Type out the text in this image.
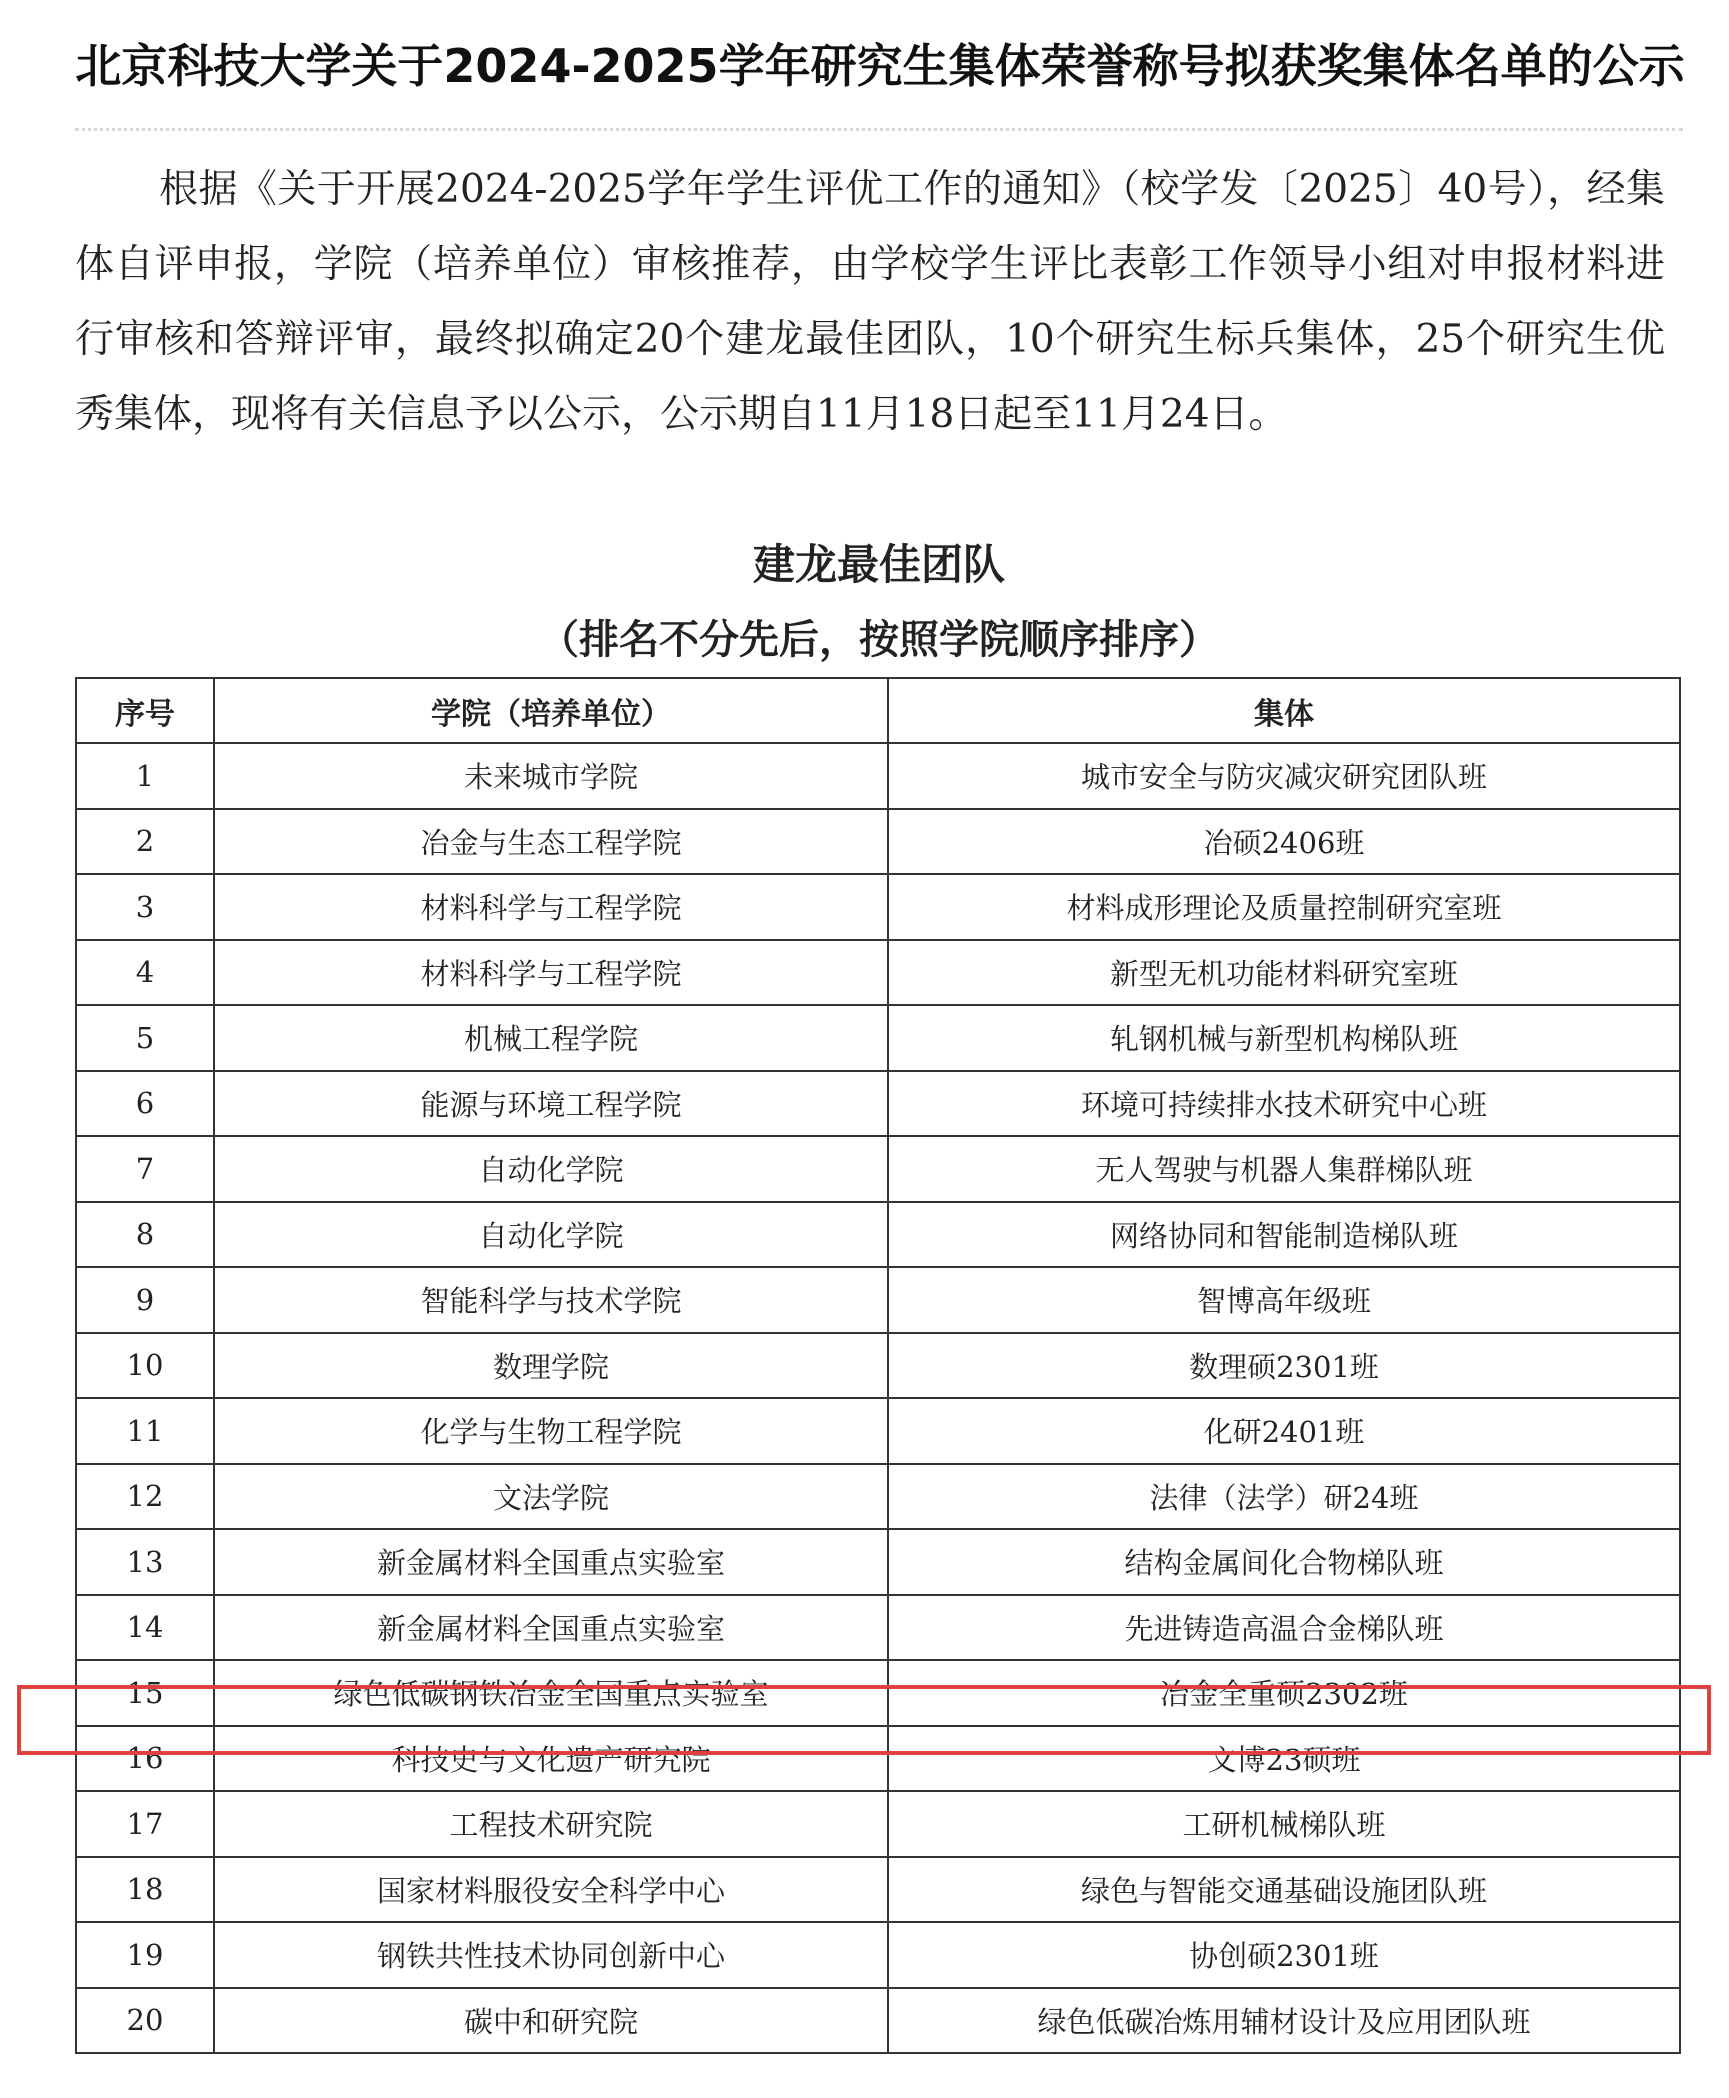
北京科技大学关于2024-2025学年研究生集体荣誉称号拟获奖集体名单的公示

根据《关于开展2024-2025学年学生评优工作的通知》（校学发〔2025〕40号），经集体自评申报，学院（培养单位）审核推荐，由学校学生评比表彰工作领导小组对申报材料进行审核和答辩评审，最终拟确定20个建龙最佳团队，10个研究生标兵集体，25个研究生优秀集体，现将有关信息予以公示，公示期自11月18日起至11月24日。

建龙最佳团队
（排名不分先后，按照学院顺序排序）
序号	学院（培养单位）	集体
1	未来城市学院	城市安全与防灾减灾研究团队班
2	冶金与生态工程学院	冶硕2406班
3	材料科学与工程学院	材料成形理论及质量控制研究室班
4	材料科学与工程学院	新型无机功能材料研究室班
5	机械工程学院	轧钢机械与新型机构梯队班
6	能源与环境工程学院	环境可持续排水技术研究中心班
7	自动化学院	无人驾驶与机器人集群梯队班
8	自动化学院	网络协同和智能制造梯队班
9	智能科学与技术学院	智博高年级班
10	数理学院	数理硕2301班
11	化学与生物工程学院	化研2401班
12	文法学院	法律（法学）研24班
13	新金属材料全国重点实验室	结构金属间化合物梯队班
14	新金属材料全国重点实验室	先进铸造高温合金梯队班
15	绿色低碳钢铁冶金全国重点实验室	冶金全重硕2302班
16	科技史与文化遗产研究院	文博23硕班
17	工程技术研究院	工研机械梯队班
18	国家材料服役安全科学中心	绿色与智能交通基础设施团队班
19	钢铁共性技术协同创新中心	协创硕2301班
20	碳中和研究院	绿色低碳冶炼用辅材设计及应用团队班
